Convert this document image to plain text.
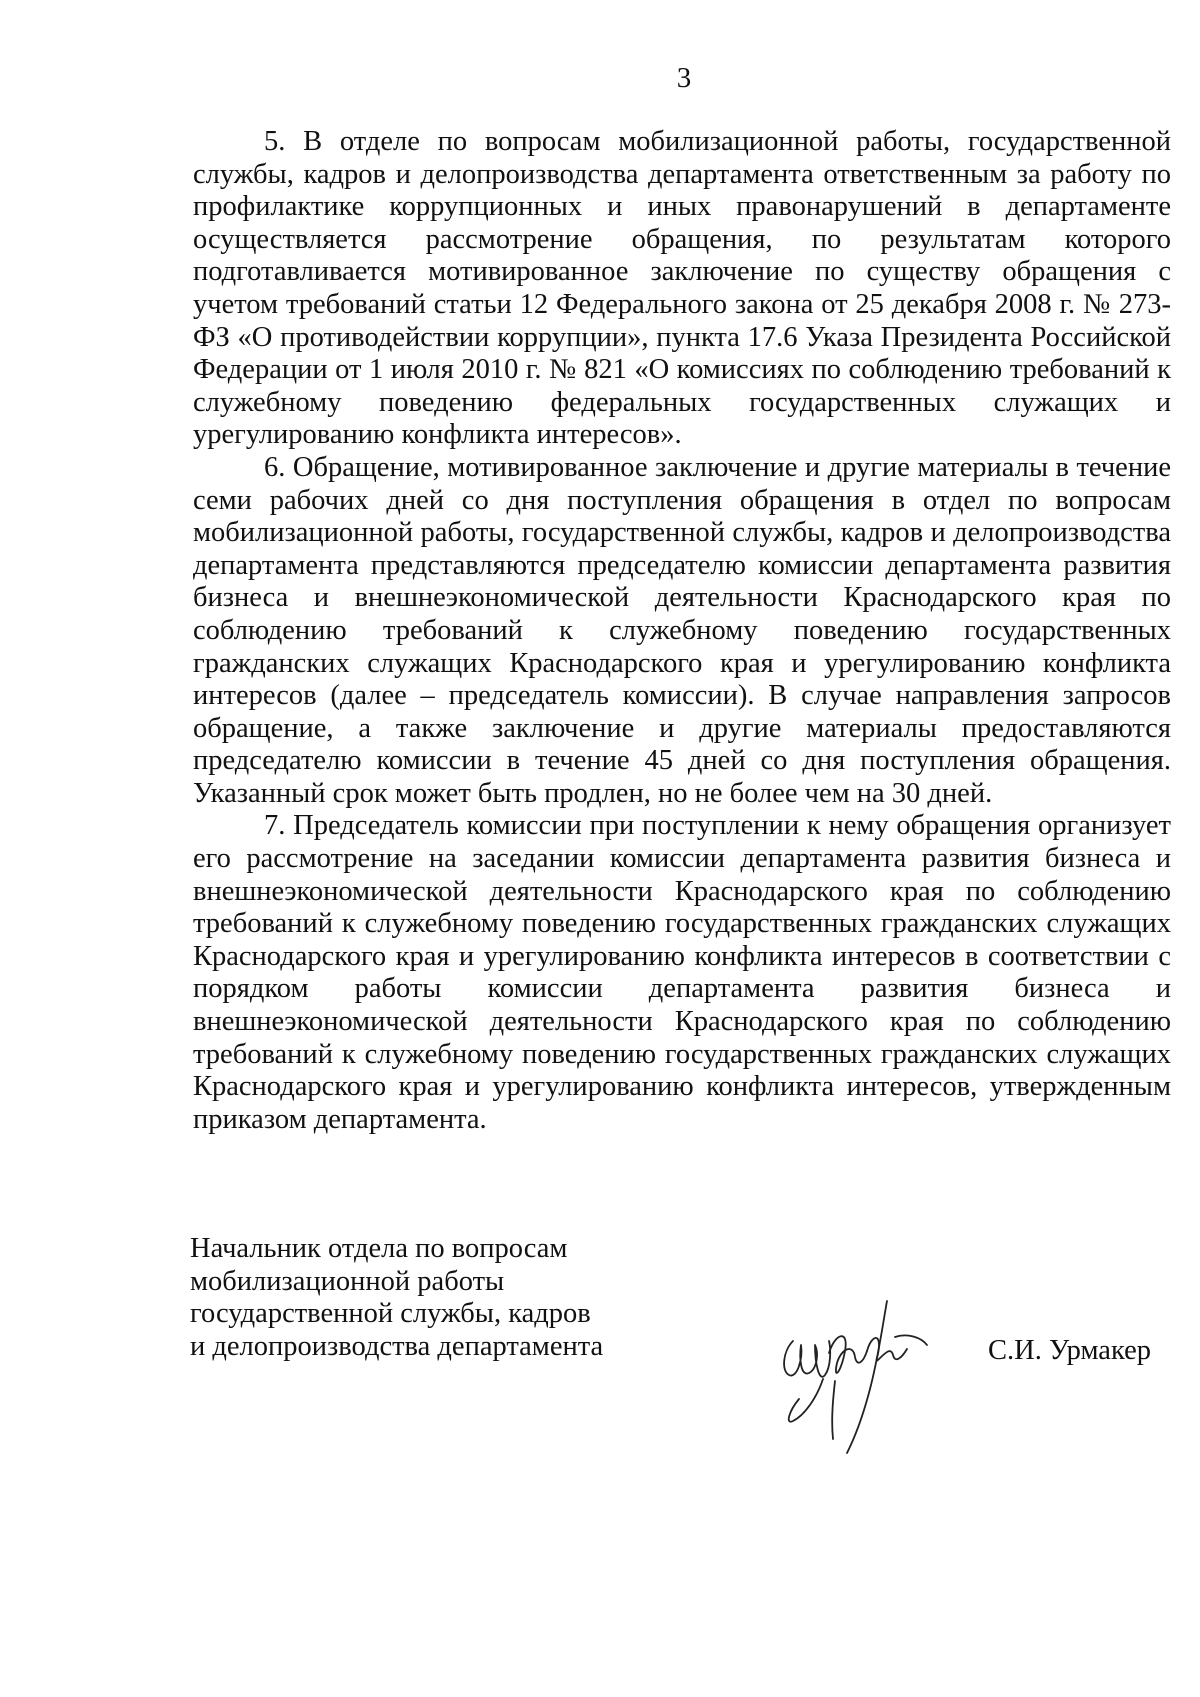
3

5. В отделе по вопросам мобилизационной работы, государственной службы, кадров и делопроизводства департамента ответственным за работу по профилактике коррупционных и иных правонарушений в департаменте осуществляется рассмотрение обращения, по результатам которого подготавливается мотивированное заключение по существу обращения с учетом требований статьи 12 Федерального закона от 25 декабря 2008 г. № 273-ФЗ «О противодействии коррупции», пункта 17.6 Указа Президента Российской Федерации от 1 июля 2010 г. № 821 «О комиссиях по соблюдению требований к служебному поведению федеральных государственных служащих и урегулированию конфликта интересов».

6. Обращение, мотивированное заключение и другие материалы в течение семи рабочих дней со дня поступления обращения в отдел по вопросам мобилизационной работы, государственной службы, кадров и делопроизводства департамента представляются председателю комиссии департамента развития бизнеса и внешнеэкономической деятельности Краснодарского края по соблюдению требований к служебному поведению государственных гражданских служащих Краснодарского края и урегулированию конфликта интересов (далее – председатель комиссии). В случае направления запросов обращение, а также заключение и другие материалы предоставляются председателю комиссии в течение 45 дней со дня поступления обращения. Указанный срок может быть продлен, но не более чем на 30 дней.

7. Председатель комиссии при поступлении к нему обращения организует его рассмотрение на заседании комиссии департамента развития бизнеса и внешнеэкономической деятельности Краснодарского края по соблюдению требований к служебному поведению государственных гражданских служащих Краснодарского края и урегулированию конфликта интересов в соответствии с порядком работы комиссии департамента развития бизнеса и внешнеэкономической деятельности Краснодарского края по соблюдению требований к служебному поведению государственных гражданских служащих Краснодарского края и урегулированию конфликта интересов, утвержденным приказом департамента.

Начальник отдела по вопросам
мобилизационной работы
государственной службы, кадров
и делопроизводства департамента	С.И. Урмакер
